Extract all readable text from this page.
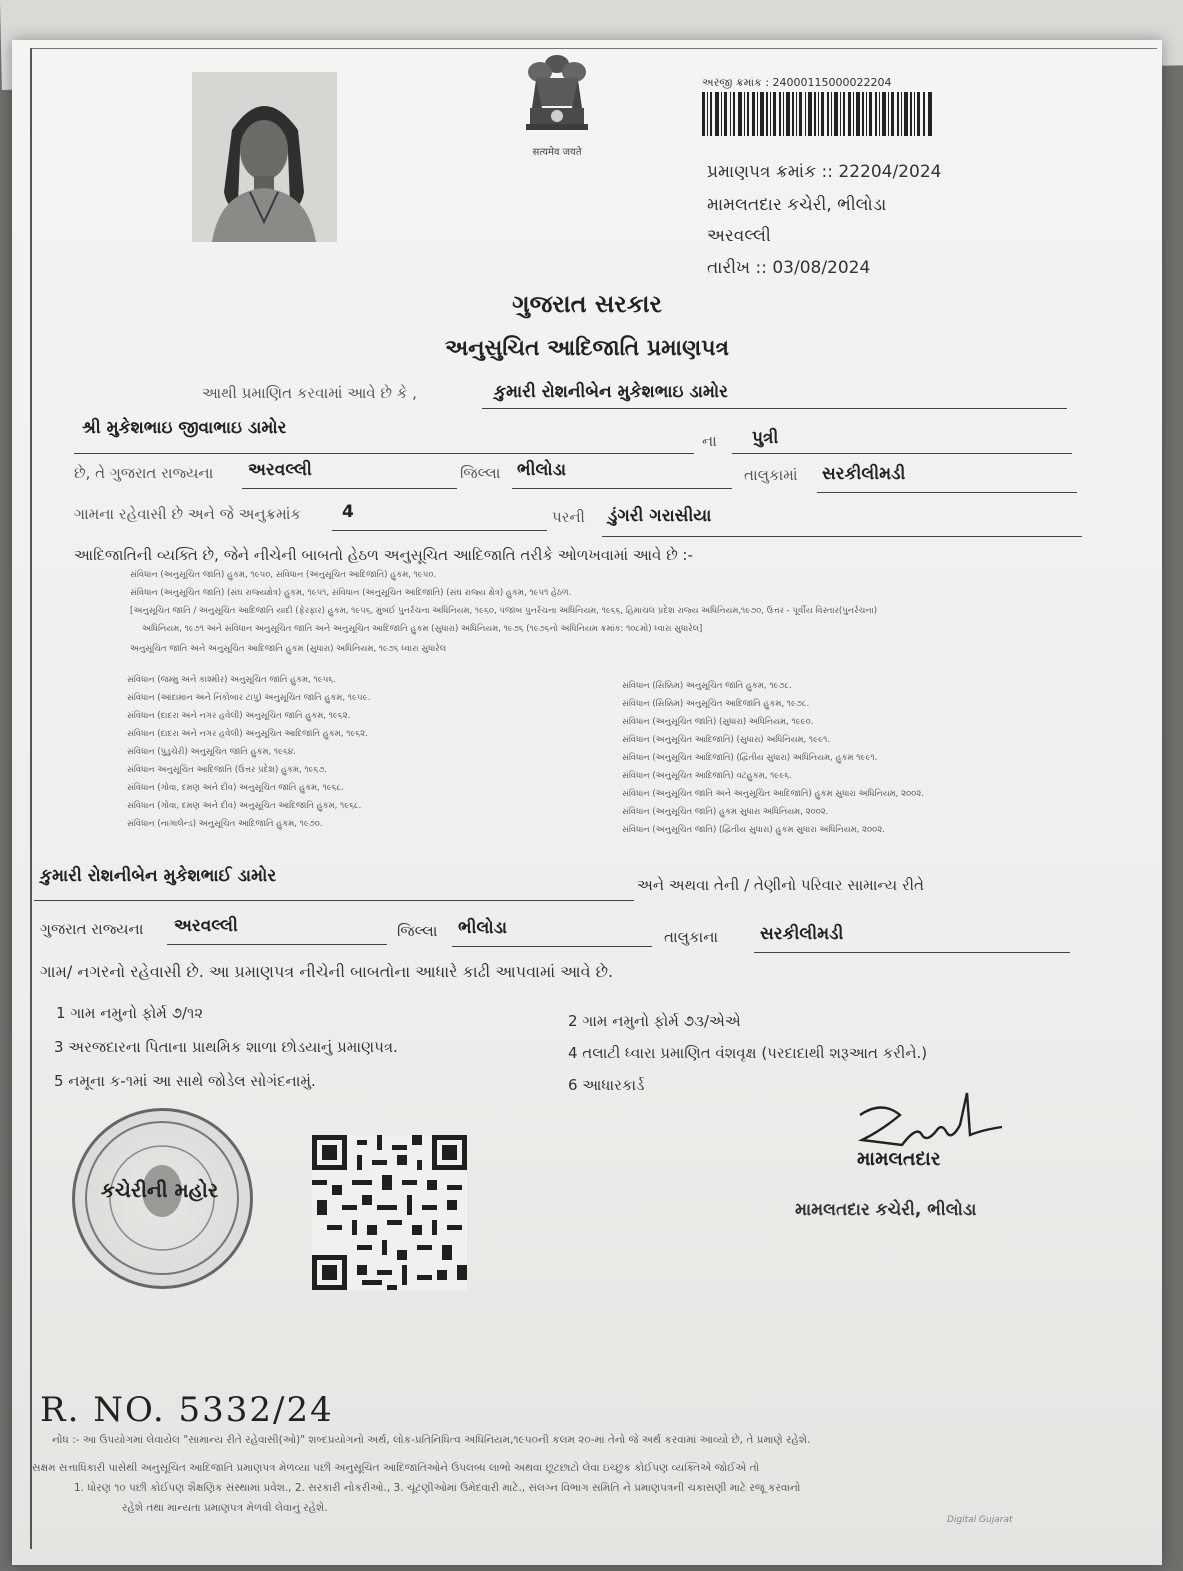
सत्यमेव जयते
અરજી ક્રમાંક : 24000115000022204
પ્રમાણપત્ર ક્રમાંક :: 22204/2024
મામલતદાર કચેરી, ભીલોડા
અરવલ્લી
તારીખ :: 03/08/2024
ગુજરાત સરકાર
અનુસુચિત આદિજાતિ પ્રમાણપત્ર
આથી પ્રમાણિત કરવામાં આવે છે કે ,	કુમારી રોશનીબેન મુકેશભાઇ ડામોર
શ્રી મુકેશભાઇ જીવાભાઇ ડામોર
ના પુત્રી
છે, તે ગુજરાત રાજ્યના અરવલ્લી	જિલ્લા ભીલોડા	તાલુકામાં સરકીલીમડી
ગામના રહેવાસી છે અને જે અનુક્રમાંક 4	પરની ડુંગરી ગરાસીયા
આદિજાતિની વ્યક્તિ છે, જેને નીચેની બાબતો હેઠળ અનુસૂચિત આદિજાતિ તરીકે ઓળખવામાં આવે છે :-
સંવિધાન (અનુસૂચિત જાતિ) હુકમ, ૧૯૫૦, સંવિધાન (અનુસૂચિત આદિજાતિ) હુકમ, ૧૯૫૦.
સંવિધાન (અનુસૂચિત જાતિ) (સંઘ રાજ્યક્ષેત્ર) હુકમ, ૧૯૫૧, સંવિધાન (અનુસૂચિત આદિજાતિ) (સંઘ રાજ્ય ક્ષેત્ર) હુકમ, ૧૯૫૧ હેઠળ.
[અનુસૂચિત જાતિ / અનુસૂચિત આદિજાતિ યાદી (ફેરફાર) હુકમ, ૧૯૫૬, મુંબઈ પુનર્રચના અધિનિયમ, ૧૯૬૦, પંજાબ પુનર્રચના અધિનિયમ, ૧૯૬૬, હિમાચલ પ્રદેશ રાજ્ય અધિનિયમ,૧૯૭૦, ઉત્તર - પૂર્વીય વિસ્તાર(પુનર્રચના)
અધિનિયમ, ૧૯૭૧ અને સંવિધાન અનુસૂચિત જાતિ અને અનુસૂચિત આદિજાતિ હુકમ (સુધારા) અધિનિયમ, ૧૯૭૬ (૧૯૭૬નો અધિનિયમ ક્રમાંક: ૧૦૮મો) ધ્વારા સુધારેલ]
અનુસૂચિત જાતિ અને અનુસૂચિત આદિજાતિ હુકમ (સુધારા) અધિનિયમ, ૧૯૭૬ ધ્વારા સુધારેલ
સંવિધાન (જમ્મુ અને કાશ્મીર) અનુસૂચિત જાતિ હુકમ, ૧૯૫૬.
સંવિધાન (આંદામાન અને નિકોબાર ટાપુ) અનુસૂચિત જાતિ હુકમ, ૧૯૫૯.
સંવિધાન (દાદરા અને નગર હવેલી) અનુસૂચિત જાતિ હુકમ, ૧૯૬૨.
સંવિધાન (દાદરા અને નગર હવેલી) અનુસૂચિત આદિજાતિ હુકમ, ૧૯૬૨.
સંવિધાન (પુડુચેરી) અનુસૂચિત જાતિ હુકમ, ૧૯૬૪.
સંવિધાન અનુસૂચિત આદિજાતિ (ઉત્તર પ્રદેશ) હુકમ, ૧૯૬૭.
સંવિધાન (ગોવા, દમણ અને દીવ) અનુસૂચિત જાતિ હુકમ, ૧૯૬૮.
સંવિધાન (ગોવા, દમણ અને દીવ) અનુસૂચિત આદિજાતિ હુકમ, ૧૯૬૮.
સંવિધાન (નાગાલેન્ડ) અનુસૂચિત આદિજાતિ હુકમ, ૧૯૭૦.
સંવિધાન (સિક્કિમ) અનુસૂચિત જાતિ હુકમ, ૧૯૭૮.
સંવિધાન (સિક્કિમ) અનુસૂચિત આદિજાતિ હુકમ, ૧૯૭૮.
સંવિધાન (અનુસૂચિત જાતિ) (સુધારા) અધિનિયમ, ૧૯૯૦.
સંવિધાન (અનુસૂચિત આદિજાતિ) (સુધારા) અધિનિયમ, ૧૯૯૧.
સંવિધાન (અનુસૂચિત આદિજાતિ) (દ્વિતીય સુધારા) અધિનિયમ, હુકમ ૧૯૯૧.
સંવિધાન (અનુસૂચિત આદિજાતિ) વટહુકમ, ૧૯૯૬.
સંવિધાન (અનુસૂચિત જાતિ અને અનુસૂચિત આદિજાતિ) હુકમ સુધારા અધિનિયમ, ૨૦૦૨.
સંવિધાન (અનુસૂચિત જાતિ) હુકમ સુધારા અધિનિયમ, ૨૦૦૨.
સંવિધાન (અનુસૂચિત જાતિ) (દ્વિતીય સુધારા) હુકમ સુધારા અધિનિયમ, ૨૦૦૨.
કુમારી રોશનીબેન મુકેશભાઈ ડામોર	અને અથવા તેની / તેણીનો પરિવાર સામાન્ય રીતે
ગુજરાત રાજ્યના અરવલ્લી	જિલ્લા ભીલોડા	તાલુકાના સરકીલીમડી
ગામ/ નગરનો રહેવાસી છે. આ પ્રમાણપત્ર નીચેની બાબતોના આધારે કાઢી આપવામાં આવે છે.
1 ગામ નમુનો ફોર્મ ૭/૧૨	2 ગામ નમુનો ફોર્મ ૭૩/એએ
3 અરજદારના પિતાના પ્રાથમિક શાળા છોડયાનું પ્રમાણપત્ર.	4 તલાટી ધ્વારા પ્રમાણિત વંશવૃક્ષ (પરદાદાથી શરૂઆત કરીને.)
5 નમૂના ક-૧માં આ સાથે જોડેલ સોગંદનામું.	6 આધારકાર્ડ
કચેરીની મહોર
મામલતદાર
મામલતદાર કચેરી, ભીલોડા
R. NO. 5332/24
નોંધ :- આ ઉપયોગમાં લેવાયેલ "સામાન્ય રીતે રહેવાસી(ઓ)" શબ્દપ્રયોગનો અર્થ, લોક-પ્રતિનિધિત્વ અધિનિયમ,૧૯૫૦ની કલમ ૨૦-માં તેનો જે અર્થ કરવામાં આવ્યો છે, તે પ્રમાણે રહેશે.
સક્ષમ સત્તાધિકારી પાસેથી અનુસૂચિત આદિજાતિ પ્રમાણપત્ર મેળવ્યા પછી અનુસૂચિત આદિજાતિઓને ઉપલબ્ધ લાભો અથવા છૂટછાટો લેવા ઇચ્છુક કોઈપણ વ્યક્તિએ જોઈએ તો
1. ધોરણ ૧૦ પછી કોઈપણ શૈક્ષણિક સંસ્થામાં પ્રવેશ., 2. સરકારી નોકરીઓ., 3. ચૂંટણીઓમાં ઉમેદવારી માટે., સંલગ્ન વિભાગ સમિતિ ને પ્રમાણપત્રની ચકાસણી માટે રજૂ કરવાનો
રહેશે તથા માન્યતા પ્રમાણપત્ર મેળવી લેવાનું રહેશે.
Digital Gujarat
